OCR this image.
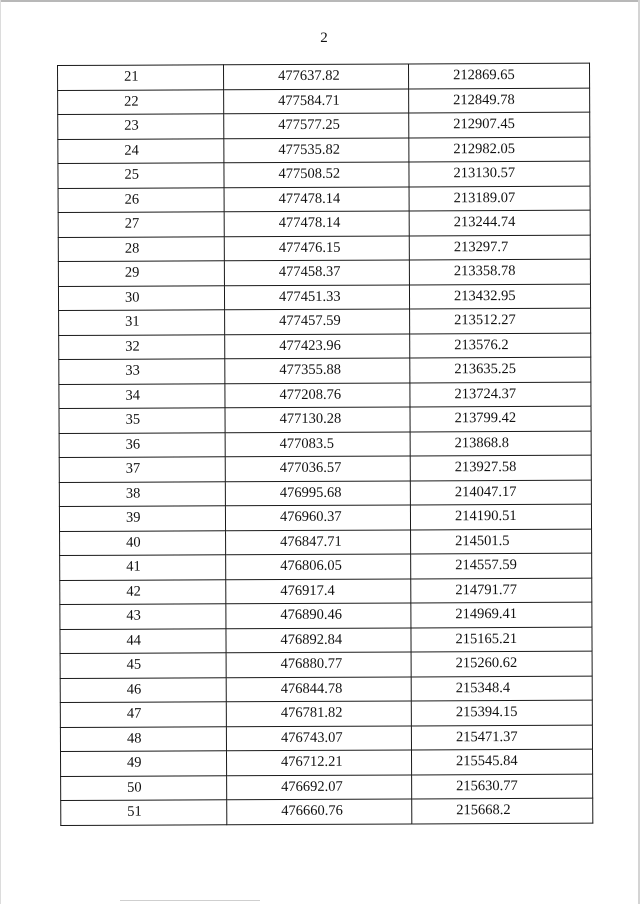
2
21	477637.82	212869.65
22	477584.71	212849.78
23	477577.25	212907.45
24	477535.82	212982.05
25	477508.52	213130.57
26	477478.14	213189.07
27	477478.14	213244.74
28	477476.15	213297.7
29	477458.37	213358.78
30	477451.33	213432.95
31	477457.59	213512.27
32	477423.96	213576.2
33	477355.88	213635.25
34	477208.76	213724.37
35	477130.28	213799.42
36	477083.5	213868.8
37	477036.57	213927.58
38	476995.68	214047.17
39	476960.37	214190.51
40	476847.71	214501.5
41	476806.05	214557.59
42	476917.4	214791.77
43	476890.46	214969.41
44	476892.84	215165.21
45	476880.77	215260.62
46	476844.78	215348.4
47	476781.82	215394.15
48	476743.07	215471.37
49	476712.21	215545.84
50	476692.07	215630.77
51	476660.76	215668.2
